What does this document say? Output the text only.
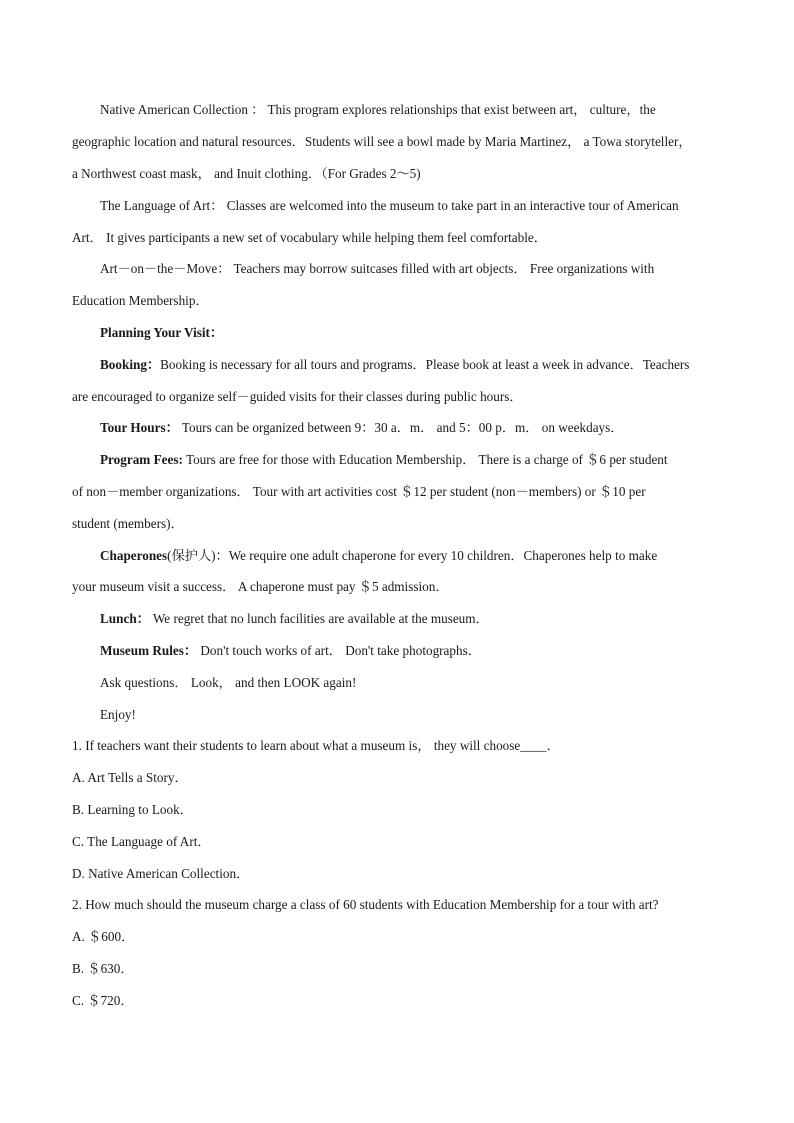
Native American Collection ： This program explores relationships that exist between art， culture，the
geographic location and natural resources．Students will see a bowl made by Maria Martinez， a Towa storyteller，
a Northwest coast mask， and Inuit clothing．（For Grades 2～5)
The Language of Art： Classes are welcomed into the museum to take part in an interactive tour of American
Art． It gives participants a new set of vocabulary while helping them feel comfortable．
Art－on－the－Move： Teachers may borrow suitcases filled with art objects． Free organizations with
Education Membership．
Planning Your Visit：
Booking：Booking is necessary for all tours and programs．Please book at least a week in advance．Teachers
are encouraged to organize self－guided visits for their classes during public hours．
Tour Hours： Tours can be organized between 9：30 a．m． and 5：00 p．m． on weekdays．
Program Fees: Tours are free for those with Education Membership． There is a charge of ＄6 per student
of non－member organizations． Tour with art activities cost ＄12 per student (non－members) or ＄10 per
student (members)．
Chaperones(保护人)：We require one adult chaperone for every 10 children．Chaperones help to make
your museum visit a success． A chaperone must pay ＄5 admission．
Lunch： We regret that no lunch facilities are available at the museum．
Museum Rules： Don't touch works of art． Don't take photographs．
Ask questions． Look， and then LOOK again!
Enjoy!
1. If teachers want their students to learn about what a museum is， they will choose____．
A. Art Tells a Story．
B. Learning to Look．
C. The Language of Art．
D. Native American Collection．
2. How much should the museum charge a class of 60 students with Education Membership for a tour with art?
A. ＄600．
B. ＄630．
C. ＄720．
